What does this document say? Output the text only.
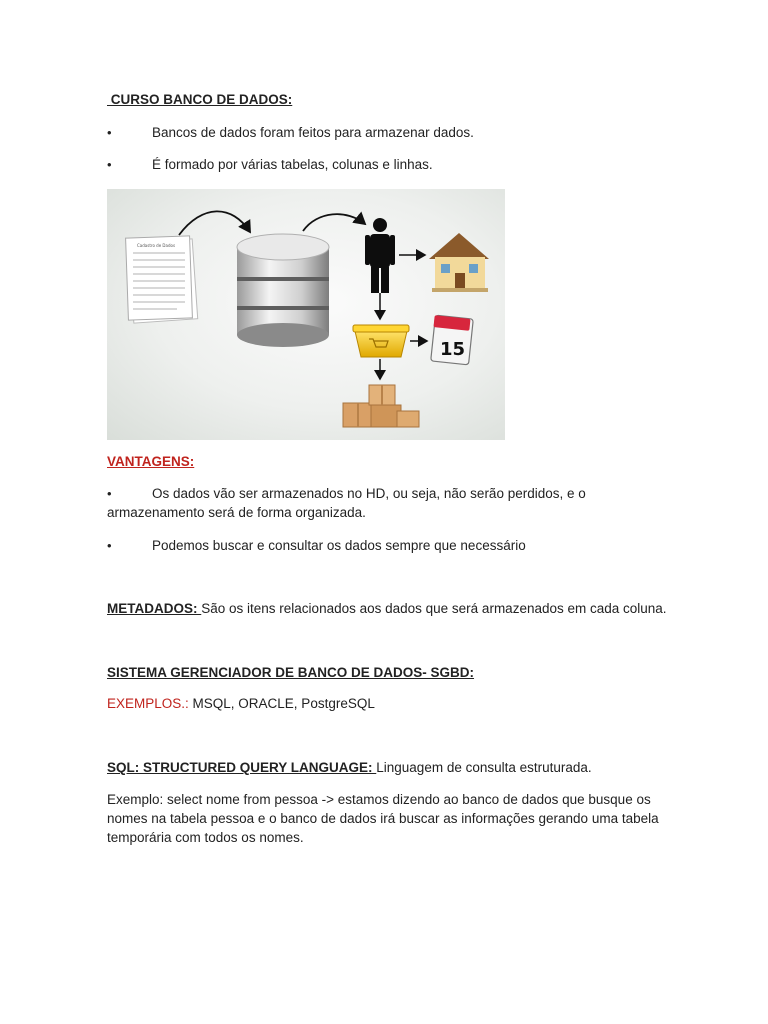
CURSO BANCO DE DADOS:
•	Bancos de dados foram feitos para armazenar dados.
•	É formado por várias tabelas, colunas e linhas.
Cadastro de Dados
15
VANTAGENS:
•	Os dados vão ser armazenados no HD, ou seja, não serão perdidos, e o
armazenamento será de forma organizada.
•	Podemos buscar e consultar os dados sempre que necessário
METADADOS: São os itens relacionados aos dados que será armazenados em cada coluna.
SISTEMA GERENCIADOR DE BANCO DE DADOS- SGBD:
EXEMPLOS.: MSQL, ORACLE, PostgreSQL
SQL: STRUCTURED QUERY LANGUAGE: Linguagem de consulta estruturada.
Exemplo: select nome from pessoa -> estamos dizendo ao banco de dados que busque os
nomes na tabela pessoa e o banco de dados irá buscar as informações gerando uma tabela
temporária com todos os nomes.
